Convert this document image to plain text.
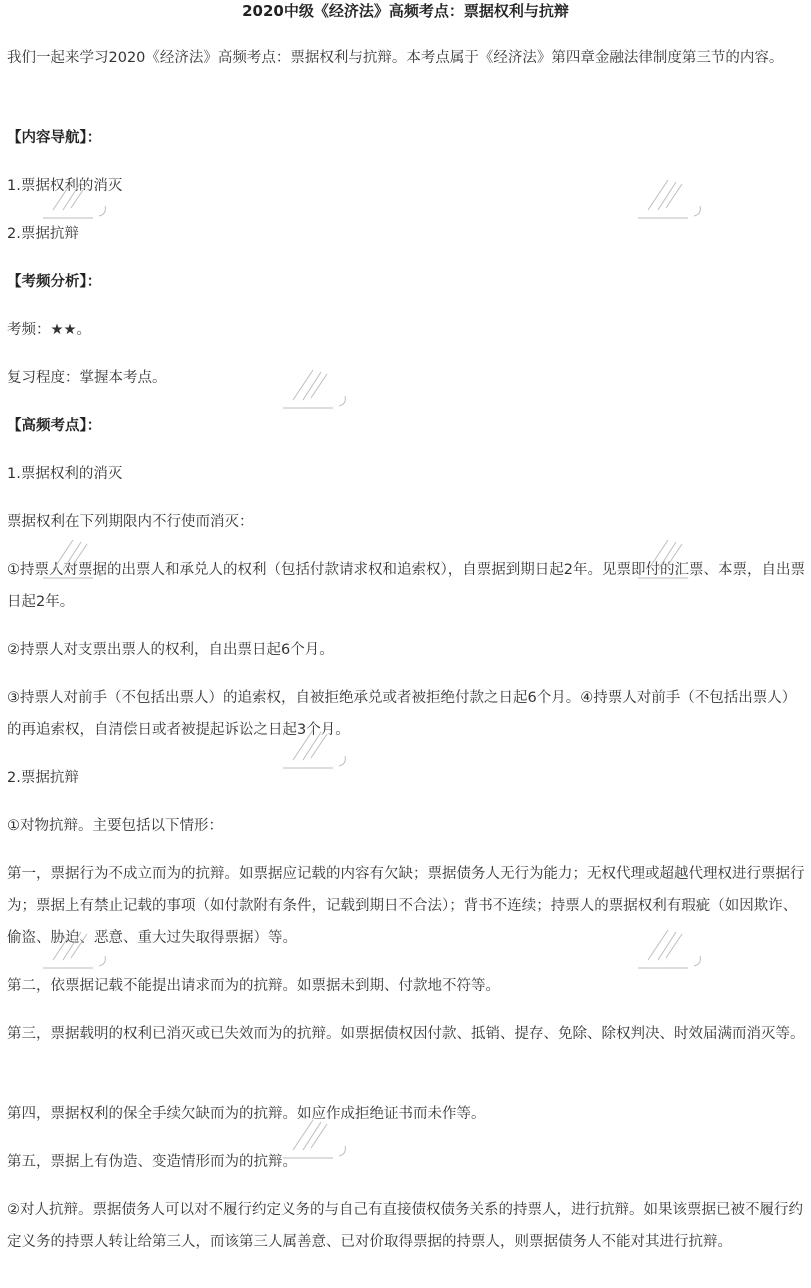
2020中级《经济法》高频考点：票据权利与抗辩

我们一起来学习2020《经济法》高频考点：票据权利与抗辩。本考点属于《经济法》第四章金融法律制度第三节的内容。

【内容导航】：

1.票据权利的消灭

2.票据抗辩

【考频分析】：

考频：★★。

复习程度：掌握本考点。

【高频考点】：

1.票据权利的消灭

票据权利在下列期限内不行使而消灭：

①持票人对票据的出票人和承兑人的权利（包括付款请求权和追索权），自票据到期日起2年。见票即付的汇票、本票，自出票日起2年。

②持票人对支票出票人的权利，自出票日起6个月。

③持票人对前手（不包括出票人）的追索权，自被拒绝承兑或者被拒绝付款之日起6个月。④持票人对前手（不包括出票人）的再追索权，自清偿日或者被提起诉讼之日起3个月。

2.票据抗辩

①对物抗辩。主要包括以下情形：

第一，票据行为不成立而为的抗辩。如票据应记载的内容有欠缺；票据债务人无行为能力；无权代理或超越代理权进行票据行为；票据上有禁止记载的事项（如付款附有条件，记载到期日不合法）；背书不连续；持票人的票据权利有瑕疵（如因欺诈、偷盗、胁迫、恶意、重大过失取得票据）等。

第二，依票据记载不能提出请求而为的抗辩。如票据未到期、付款地不符等。

第三，票据载明的权利已消灭或已失效而为的抗辩。如票据债权因付款、抵销、提存、免除、除权判决、时效届满而消灭等。

第四，票据权利的保全手续欠缺而为的抗辩。如应作成拒绝证书而未作等。

第五，票据上有伪造、变造情形而为的抗辩。

②对人抗辩。票据债务人可以对不履行约定义务的与自己有直接债权债务关系的持票人，进行抗辩。如果该票据已被不履行约定义务的持票人转让给第三人，而该第三人属善意、已对价取得票据的持票人，则票据债务人不能对其进行抗辩。
